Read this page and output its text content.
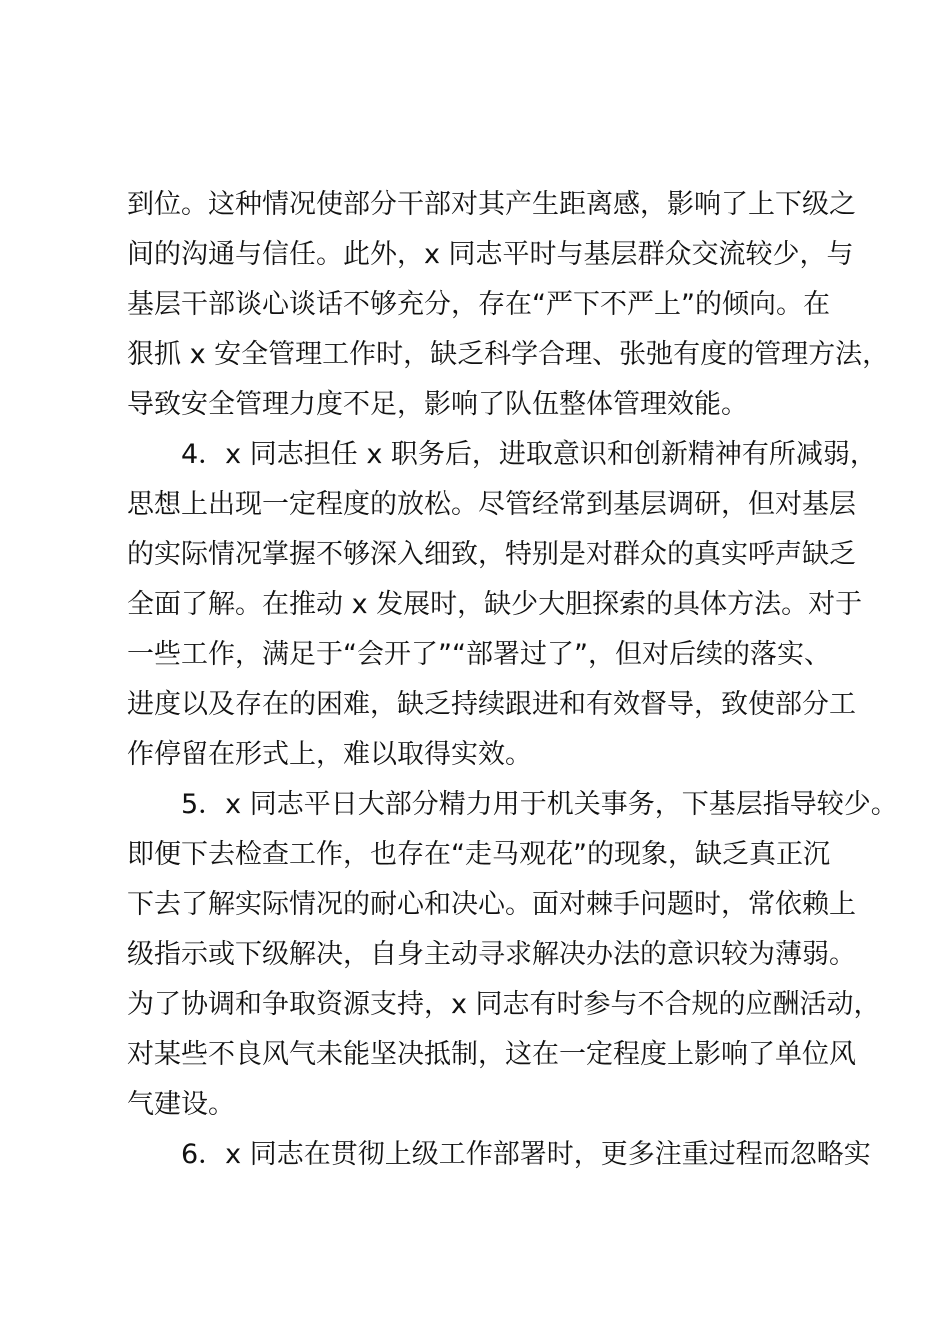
到位。这种情况使部分干部对其产生距离感，影响了上下级之
间的沟通与信任。此外，x 同志平时与基层群众交流较少，与
基层干部谈心谈话不够充分，存在“严下不严上”的倾向。在
狠抓 x 安全管理工作时，缺乏科学合理、张弛有度的管理方法，
导致安全管理力度不足，影响了队伍整体管理效能。
4．x 同志担任 x 职务后，进取意识和创新精神有所减弱，
思想上出现一定程度的放松。尽管经常到基层调研，但对基层
的实际情况掌握不够深入细致，特别是对群众的真实呼声缺乏
全面了解。在推动 x 发展时，缺少大胆探索的具体方法。对于
一些工作，满足于“会开了”“部署过了”，但对后续的落实、
进度以及存在的困难，缺乏持续跟进和有效督导，致使部分工
作停留在形式上，难以取得实效。
5．x 同志平日大部分精力用于机关事务，下基层指导较少。
即便下去检查工作，也存在“走马观花”的现象，缺乏真正沉
下去了解实际情况的耐心和决心。面对棘手问题时，常依赖上
级指示或下级解决，自身主动寻求解决办法的意识较为薄弱。
为了协调和争取资源支持，x 同志有时参与不合规的应酬活动，
对某些不良风气未能坚决抵制，这在一定程度上影响了单位风
气建设。
6．x 同志在贯彻上级工作部署时，更多注重过程而忽略实
